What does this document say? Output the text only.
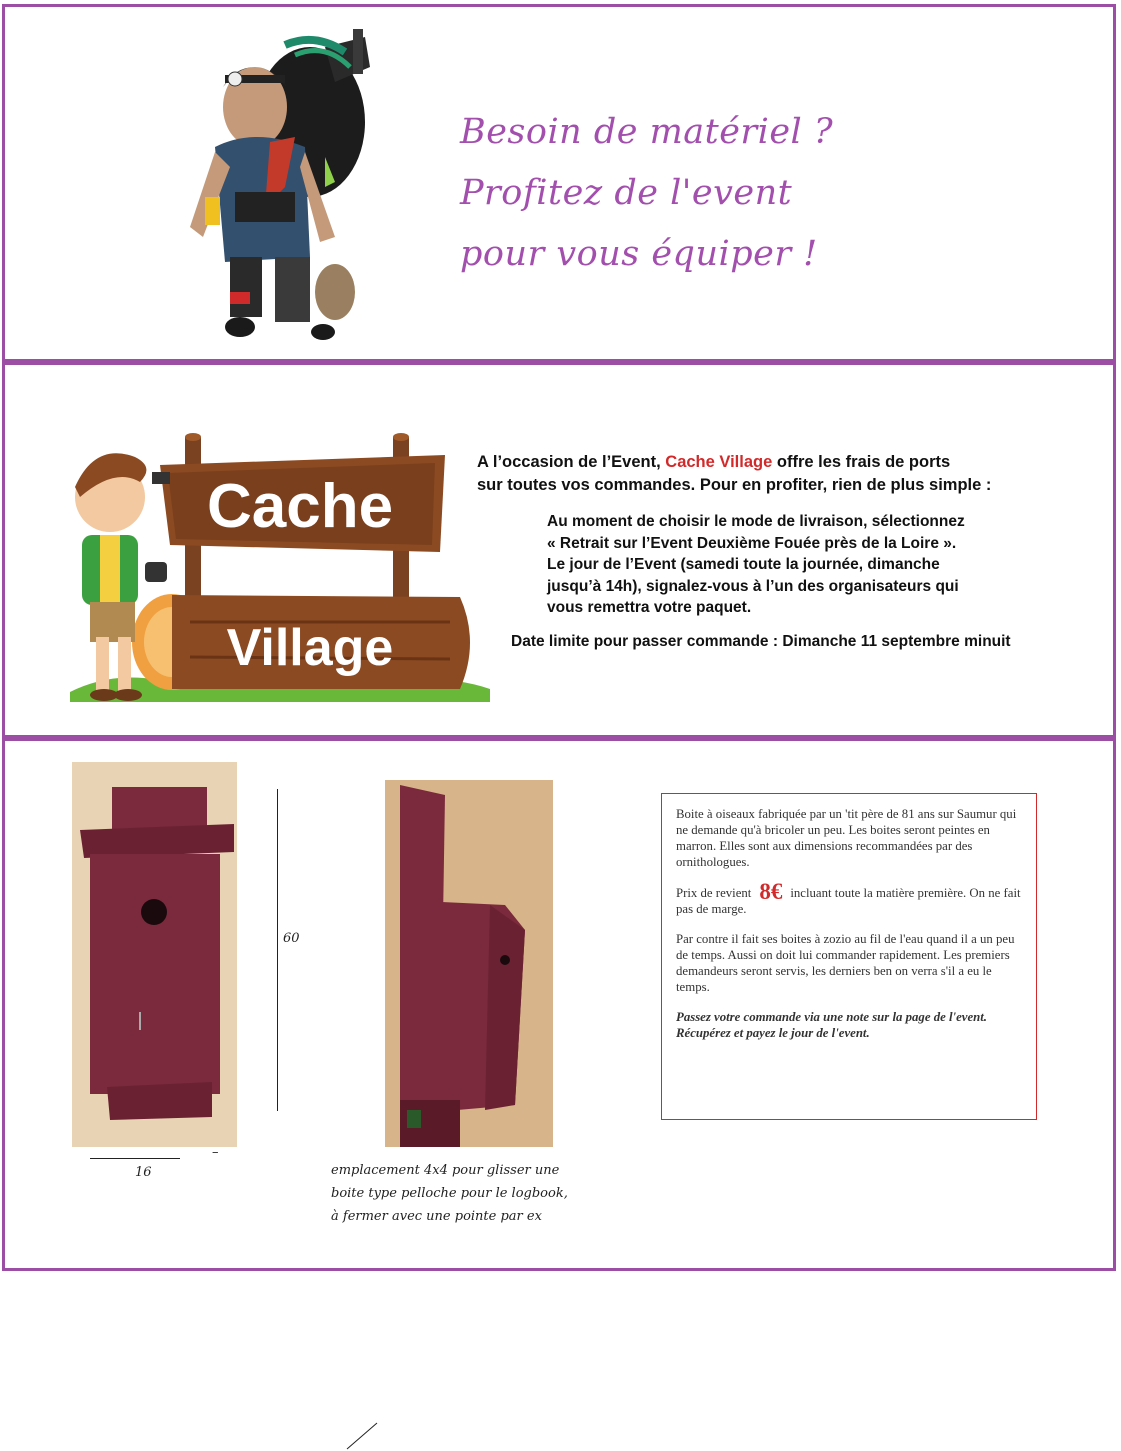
Besoin de matériel ?
Profitez de l'event
pour vous équiper !
Cache
Village
A l’occasion de l’Event, Cache Village offre les frais de ports
sur toutes vos commandes. Pour en profiter, rien de plus simple :
Au moment de choisir le mode de livraison, sélectionnez
« Retrait sur l’Event Deuxième Fouée près de la Loire ».
Le jour de l’Event (samedi toute la journée, dimanche
jusqu’à 14h), signalez-vous à l’un des organisateurs qui
vous remettra votre paquet.
Date limite pour passer commande : Dimanche 11 septembre minuit
60
–
16	emplacement 4x4 pour glisser une
boite type pelloche pour le logbook,
à fermer avec une pointe par ex

Boite à oiseaux fabriquée par un 'tit père de 81 ans sur Saumur qui ne demande qu'à bricoler un peu. Les boites seront peintes en marron. Elles sont aux dimensions recommandées par des ornithologues.

Prix de revient 8€ incluant toute la matière première. On ne fait pas de marge.

Par contre il fait ses boites à zozio au fil de l'eau quand il a un peu de temps. Aussi on doit lui commander rapidement. Les premiers demandeurs seront servis, les derniers ben on verra s'il a eu le temps.

Passez votre commande via une note sur la page de l'event.
Récupérez et payez le jour de l'event.
